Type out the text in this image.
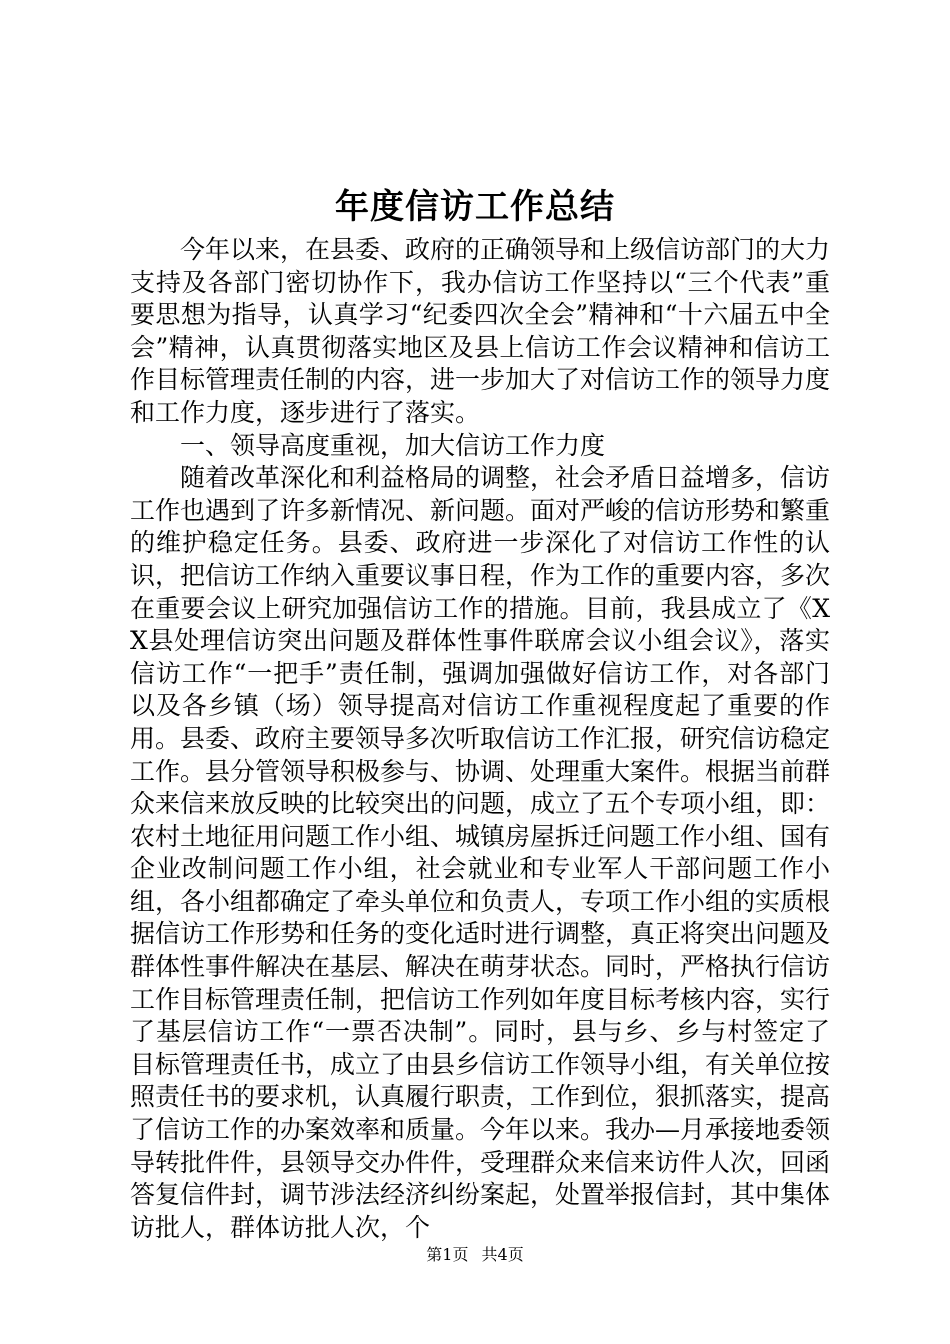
年度信访工作总结

今年以来，在县委、政府的正确领导和上级信访部门的大力支持及各部门密切协作下，我办信访工作坚持以“三个代表”重要思想为指导，认真学习“纪委四次全会”精神和“十六届五中全会”精神，认真贯彻落实地区及县上信访工作会议精神和信访工作目标管理责任制的内容，进一步加大了对信访工作的领导力度和工作力度，逐步进行了落实。

一、领导高度重视，加大信访工作力度

随着改革深化和利益格局的调整，社会矛盾日益增多，信访工作也遇到了许多新情况、新问题。面对严峻的信访形势和繁重的维护稳定任务。县委、政府进一步深化了对信访工作性的认识，把信访工作纳入重要议事日程，作为工作的重要内容，多次在重要会议上研究加强信访工作的措施。目前，我县成立了《XX县处理信访突出问题及群体性事件联席会议小组会议》，落实信访工作“一把手”责任制，强调加强做好信访工作，对各部门以及各乡镇（场）领导提高对信访工作重视程度起了重要的作用。县委、政府主要领导多次听取信访工作汇报，研究信访稳定工作。县分管领导积极参与、协调、处理重大案件。根据当前群众来信来放反映的比较突出的问题，成立了五个专项小组，即：农村土地征用问题工作小组、城镇房屋拆迁问题工作小组、国有企业改制问题工作小组，社会就业和专业军人干部问题工作小组，各小组都确定了牵头单位和负责人，专项工作小组的实质根据信访工作形势和任务的变化适时进行调整，真正将突出问题及群体性事件解决在基层、解决在萌芽状态。同时，严格执行信访工作目标管理责任制，把信访工作列如年度目标考核内容，实行了基层信访工作“一票否决制”。同时，县与乡、乡与村签定了目标管理责任书，成立了由县乡信访工作领导小组，有关单位按照责任书的要求机，认真履行职责，工作到位，狠抓落实，提高了信访工作的办案效率和质量。今年以来。我办—月承接地委领导转批件件，县领导交办件件，受理群众来信来访件人次，回函答复信件封，调节涉法经济纠纷案起，处置举报信封，其中集体访批人，群体访批人次，个

第1页 共4页
